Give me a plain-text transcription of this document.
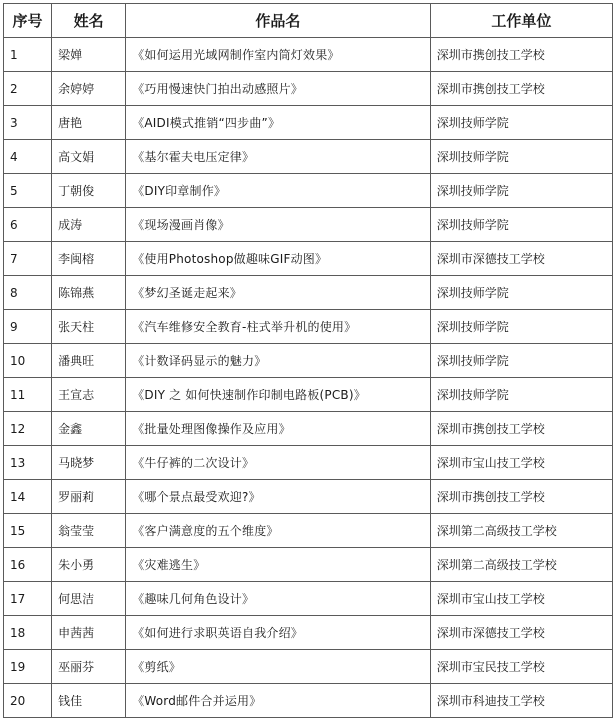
序号	姓名	作品名	工作单位
1	梁婵	《如何运用光域网制作室内筒灯效果》	深圳市携创技工学校
2	余婷婷	《巧用慢速快门拍出动感照片》	深圳市携创技工学校
3	唐艳	《AIDI模式推销“四步曲”》	深圳技师学院
4	高文娟	《基尔霍夫电压定律》	深圳技师学院
5	丁朝俊	《DIY印章制作》	深圳技师学院
6	成涛	《现场漫画肖像》	深圳技师学院
7	李闽榕	《使用Photoshop做趣味GIF动图》	深圳市深德技工学校
8	陈锦燕	《梦幻圣诞走起来》	深圳技师学院
9	张天柱	《汽车维修安全教育-柱式举升机的使用》	深圳技师学院
10	潘典旺	《计数译码显示的魅力》	深圳技师学院
11	王宣志	《DIY 之 如何快速制作印制电路板(PCB)》	深圳技师学院
12	金鑫	《批量处理图像操作及应用》	深圳市携创技工学校
13	马晓梦	《牛仔裤的二次设计》	深圳市宝山技工学校
14	罗丽莉	《哪个景点最受欢迎?》	深圳市携创技工学校
15	翁莹莹	《客户满意度的五个维度》	深圳第二高级技工学校
16	朱小勇	《灾难逃生》	深圳第二高级技工学校
17	何思洁	《趣味几何角色设计》	深圳市宝山技工学校
18	申茜茜	《如何进行求职英语自我介绍》	深圳市深德技工学校
19	巫丽芬	《剪纸》	深圳市宝民技工学校
20	钱佳	《Word邮件合并运用》	深圳市科迪技工学校
